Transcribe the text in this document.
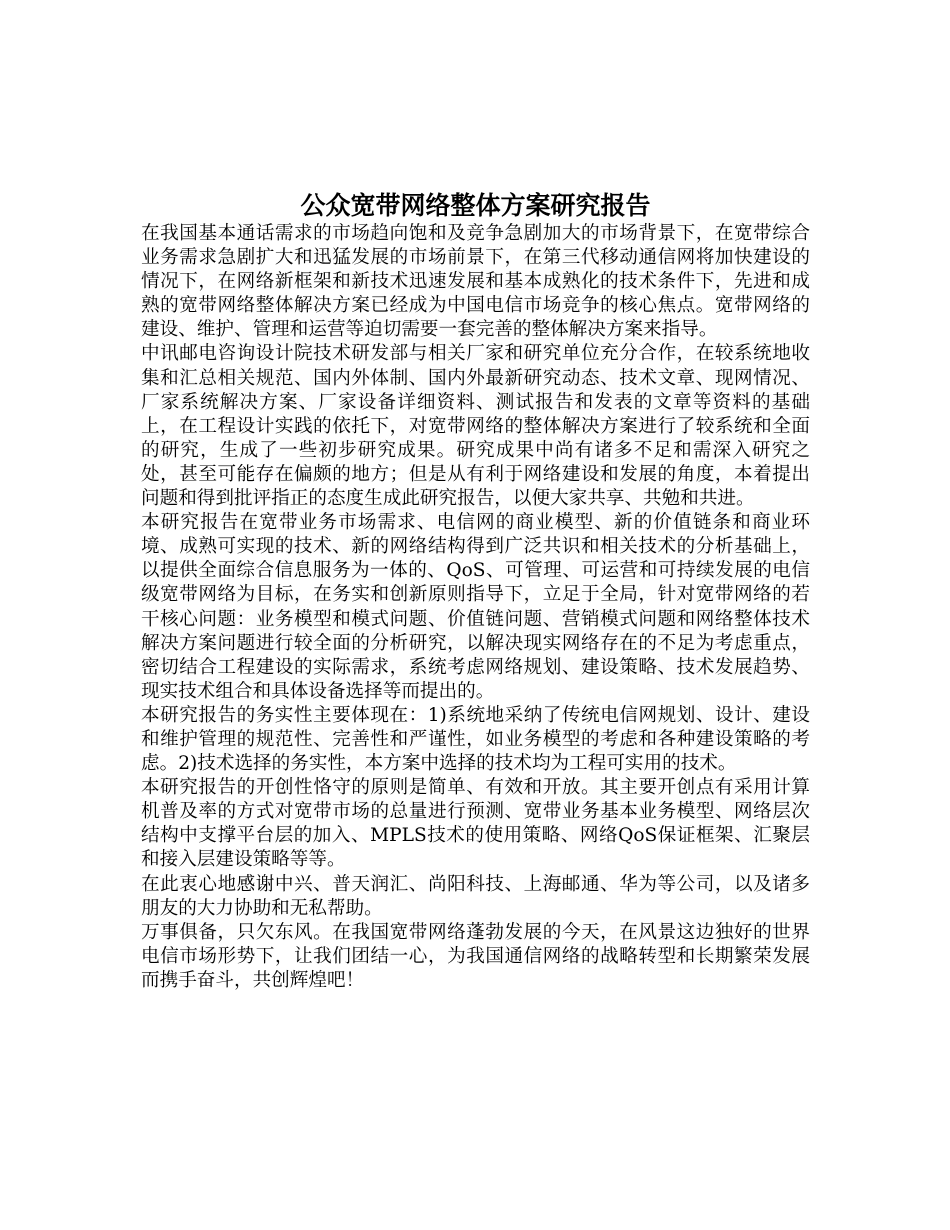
公众宽带网络整体方案研究报告

在我国基本通话需求的市场趋向饱和及竞争急剧加大的市场背景下，在宽带综合业务需求急剧扩大和迅猛发展的市场前景下，在第三代移动通信网将加快建设的情况下，在网络新框架和新技术迅速发展和基本成熟化的技术条件下，先进和成熟的宽带网络整体解决方案已经成为中国电信市场竞争的核心焦点。宽带网络的建设、维护、管理和运营等迫切需要一套完善的整体解决方案来指导。

中讯邮电咨询设计院技术研发部与相关厂家和研究单位充分合作，在较系统地收集和汇总相关规范、国内外体制、国内外最新研究动态、技术文章、现网情况、厂家系统解决方案、厂家设备详细资料、测试报告和发表的文章等资料的基础上，在工程设计实践的依托下，对宽带网络的整体解决方案进行了较系统和全面的研究，生成了一些初步研究成果。研究成果中尚有诸多不足和需深入研究之处，甚至可能存在偏颇的地方；但是从有利于网络建设和发展的角度，本着提出问题和得到批评指正的态度生成此研究报告，以便大家共享、共勉和共进。

本研究报告在宽带业务市场需求、电信网的商业模型、新的价值链条和商业环境、成熟可实现的技术、新的网络结构得到广泛共识和相关技术的分析基础上，以提供全面综合信息服务为一体的、QoS、可管理、可运营和可持续发展的电信级宽带网络为目标，在务实和创新原则指导下，立足于全局，针对宽带网络的若干核心问题：业务模型和模式问题、价值链问题、营销模式问题和网络整体技术解决方案问题进行较全面的分析研究，以解决现实网络存在的不足为考虑重点，密切结合工程建设的实际需求，系统考虑网络规划、建设策略、技术发展趋势、现实技术组合和具体设备选择等而提出的。

本研究报告的务实性主要体现在：1)系统地采纳了传统电信网规划、设计、建设和维护管理的规范性、完善性和严谨性，如业务模型的考虑和各种建设策略的考虑。2)技术选择的务实性，本方案中选择的技术均为工程可实用的技术。

本研究报告的开创性恪守的原则是简单、有效和开放。其主要开创点有采用计算机普及率的方式对宽带市场的总量进行预测、宽带业务基本业务模型、网络层次结构中支撑平台层的加入、MPLS技术的使用策略、网络QoS保证框架、汇聚层和接入层建设策略等等。

在此衷心地感谢中兴、普天润汇、尚阳科技、上海邮通、华为等公司，以及诸多朋友的大力协助和无私帮助。

万事俱备，只欠东风。在我国宽带网络蓬勃发展的今天，在风景这边独好的世界电信市场形势下，让我们团结一心，为我国通信网络的战略转型和长期繁荣发展而携手奋斗，共创辉煌吧！
